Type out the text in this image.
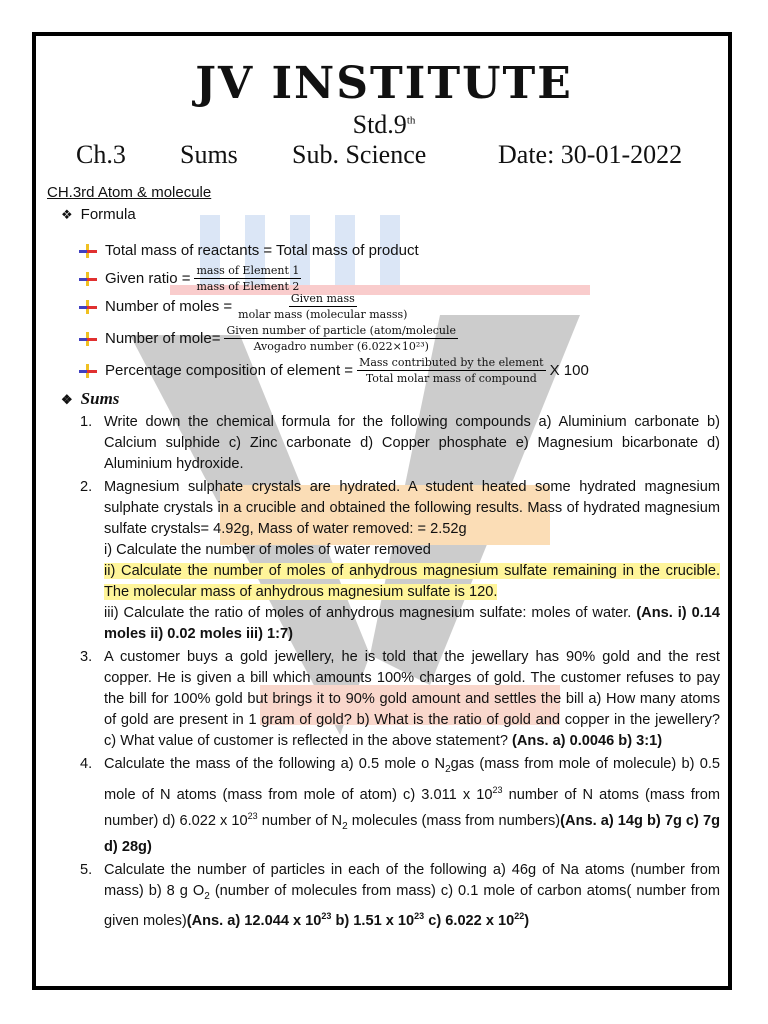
JV INSTITUTE
Std.9th
Ch.3 Sums Sub. Science	Date: 30-01-2022

CH.3rd Atom & molecule

❖ Formula
Total mass of reactants = Total mass of product
Given ratio = $\frac{\text{mass of Element 1}}{\text{mass of Element 2}}$
Number of moles = $\frac{\text{Given mass}}{\text{molar mass (molecular masss)}}$
Number of mole= $\frac{\text{Given number of particle (atom/molecule}}{\text{Avogadro number (6.022×10²³)}}$
Percentage composition of element = $\frac{\text{Mass contributed by the element}}{\text{Total molar mass of compound}}$ X 100
❖ Sums
1. Write down the chemical formula for the following compounds a) Aluminium carbonate b) Calcium sulphide c) Zinc carbonate d) Copper phosphate e) Magnesium bicarbonate d) Aluminium hydroxide.
2. Magnesium sulphate crystals are hydrated. A student heated some hydrated magnesium sulphate crystals in a crucible and obtained the following results. Mass of hydrated magnesium sulfate crystals= 4.92g, Mass of water removed: = 2.52g
i) Calculate the number of moles of water removed
ii) Calculate the number of moles of anhydrous magnesium sulfate remaining in the crucible. The molecular mass of anhydrous magnesium sulfate is 120.
iii) Calculate the ratio of moles of anhydrous magnesium sulfate: moles of water. (Ans. i) 0.14 moles ii) 0.02 moles iii) 1:7)
3. A customer buys a gold jewellery, he is told that the jewellary has 90% gold and the rest copper. He is given a bill which amounts 100% charges of gold. The customer refuses to pay the bill for 100% gold but brings it to 90% gold amount and settles the bill a) How many atoms of gold are present in 1 gram of gold? b) What is the ratio of gold and copper in the jewellery? c) What value of customer is reflected in the above statement? (Ans. a) 0.0046 b) 3:1)
4. Calculate the mass of the following a) 0.5 mole o $N_2gas$ (mass from mole of molecule) b) 0.5 mole of N atoms (mass from mole of atom) c) 3.011 x $10^{23}$ number of N atoms (mass from number) d) 6.022 x $10^{23}$ number of $N_2$ molecules (mass from numbers)(Ans. a) 14g b) 7g c) 7g d) 28g)
5. Calculate the number of particles in each of the following a) 46g of Na atoms (number from mass) b) 8 g $O_2$ (number of molecules from mass) c) 0.1 mole of carbon atoms( number from given moles)(Ans. a) 12.044 x $10^{23}$ b) 1.51 x $10^{23}$ c) 6.022 x $10^{22}$)
